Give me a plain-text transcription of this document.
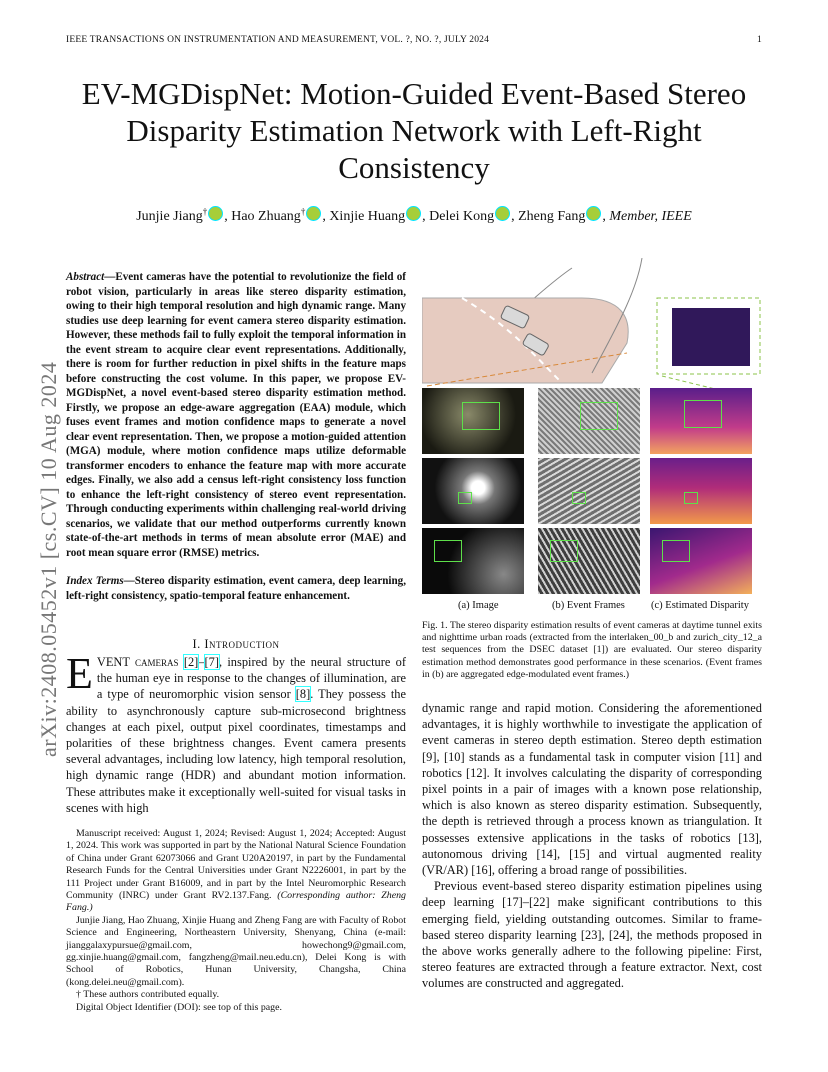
IEEE TRANSACTIONS ON INSTRUMENTATION AND MEASUREMENT, VOL. ?, NO. ?, JULY 2024	1
EV-MGDispNet: Motion-Guided Event-Based Stereo Disparity Estimation Network with Left-Right Consistency
Junjie Jiang† , Hao Zhuang† , Xinjie Huang , Delei Kong , Zheng Fang , Member, IEEE
arXiv:2408.05452v1 [cs.CV] 10 Aug 2024
Abstract—Event cameras have the potential to revolutionize the field of robot vision, particularly in areas like stereo disparity estimation, owing to their high temporal resolution and high dynamic range. Many studies use deep learning for event camera stereo disparity estimation. However, these methods fail to fully exploit the temporal information in the event stream to acquire clear event representations. Additionally, there is room for further reduction in pixel shifts in the feature maps before constructing the cost volume. In this paper, we propose EV-MGDispNet, a novel event-based stereo disparity estimation method. Firstly, we propose an edge-aware aggregation (EAA) module, which fuses event frames and motion confidence maps to generate a novel clear event representation. Then, we propose a motion-guided attention (MGA) module, where motion confidence maps utilize deformable transformer encoders to enhance the feature map with more accurate edges. Finally, we also add a census left-right consistency loss function to enhance the left-right consistency of stereo event representation. Through conducting experiments within challenging real-world driving scenarios, we validate that our method outperforms currently known state-of-the-art methods in terms of mean absolute error (MAE) and root mean square error (RMSE) metrics.
Index Terms—Stereo disparity estimation, event camera, deep learning, left-right consistency, spatio-temporal feature enhancement.
I. Introduction
EVENT cameras [2]–[7], inspired by the neural structure of the human eye in response to the changes of illumination, are a type of neuromorphic vision sensor [8]. They possess the ability to asynchronously capture sub-microsecond brightness changes at each pixel, output pixel coordinates, timestamps and polarities of these brightness changes. Event camera presents several advantages, including low latency, high temporal resolution, high dynamic range (HDR) and abundant motion information. These attributes make it exceptionally well-suited for visual tasks in scenes with high

Manuscript received: August 1, 2024; Revised: August 1, 2024; Accepted: August 1, 2024. This work was supported in part by the National Natural Science Foundation of China under Grant 62073066 and Grant U20A20197, in part by the Fundamental Research Funds for the Central Universities under Grant N2226001, in part by the 111 Project under Grant B16009, and in part by the Intel Neuromorphic Research Community (INRC) under Grant RV2.137.Fang. (Corresponding author: Zheng Fang.)

Junjie Jiang, Hao Zhuang, Xinjie Huang and Zheng Fang are with Faculty of Robot Science and Engineering, Northeastern University, Shenyang, China (e-mail: jianggalaxypursue@gmail.com, howechong9@gmail.com, gg.xinjie.huang@gmail.com, fangzheng@mail.neu.edu.cn), Delei Kong is with School of Robotics, Hunan University, Changsha, China (kong.delei.neu@gmail.com).

† These authors contributed equally.

Digital Object Identifier (DOI): see top of this page.

(a) Image	(b) Event Frames (c) Estimated Disparity
Fig. 1. The stereo disparity estimation results of event cameras at daytime tunnel exits and nighttime urban roads (extracted from the interlaken_00_b and zurich_city_12_a test sequences from the DSEC dataset [1]) are evaluated. Our stereo disparity estimation method demonstrates good performance in these scenarios. (Event frames in (b) are aggregated edge-modulated event frames.)

dynamic range and rapid motion. Considering the aforementioned advantages, it is highly worthwhile to investigate the application of event cameras in stereo depth estimation. Stereo depth estimation [9], [10] stands as a fundamental task in computer vision [11] and robotics [12]. It involves calculating the disparity of corresponding pixel points in a pair of images with a known pose relationship, which is also known as stereo disparity estimation. Subsequently, the depth is retrieved through a process known as triangulation. It possesses extensive applications in the tasks of robotics [13], autonomous driving [14], [15] and virtual augmented reality (VR/AR) [16], offering a broad range of possibilities.

Previous event-based stereo disparity estimation pipelines using deep learning [17]–[22] make significant contributions to this emerging field, yielding outstanding outcomes. Similar to frame-based stereo disparity learning [23], [24], the methods proposed in the above works generally adhere to the following pipeline: First, stereo features are extracted through a feature extractor. Next, cost volumes are constructed and aggregated.
